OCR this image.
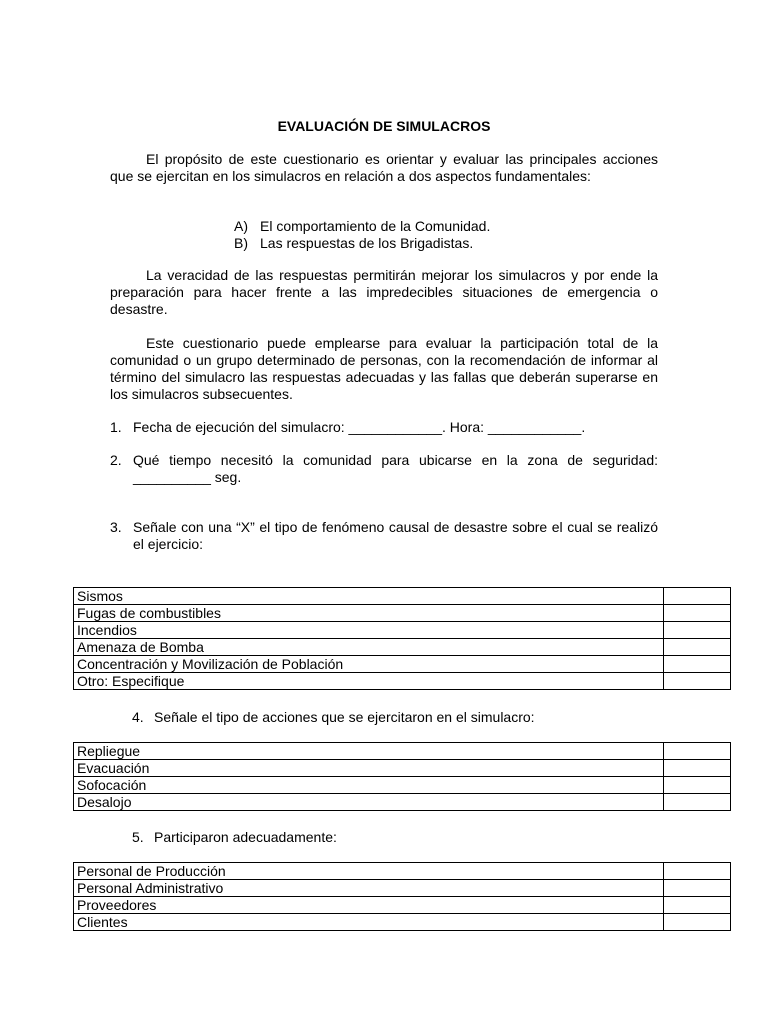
EVALUACIÓN DE SIMULACROS

El propósito de este cuestionario es orientar y evaluar las principales acciones que se ejercitan en los simulacros en relación a dos aspectos fundamentales:

A) El comportamiento de la Comunidad.
B) Las respuestas de los Brigadistas.

La veracidad de las respuestas permitirán mejorar los simulacros y por ende la preparación para hacer frente a las impredecibles situaciones de emergencia o desastre.

Este cuestionario puede emplearse para evaluar la participación total de la comunidad o un grupo determinado de personas, con la recomendación de informar al término del simulacro las respuestas adecuadas y las fallas que deberán superarse en los simulacros subsecuentes.

1. Fecha de ejecución del simulacro: ____________. Hora: ____________.
2. Qué tiempo necesitó la comunidad para ubicarse en la zona de seguridad: __________ seg.
3. Señale con una “X” el tipo de fenómeno causal de desastre sobre el cual se realizó el ejercicio:
Sismos	
Fugas de combustibles	
Incendios	
Amenaza de Bomba	
Concentración y Movilización de Población	
Otro: Especifique	
4. Señale el tipo de acciones que se ejercitaron en el simulacro:
Repliegue	
Evacuación	
Sofocación	
Desalojo	
5. Participaron adecuadamente:
Personal de Producción	
Personal Administrativo	
Proveedores	
Clientes	
